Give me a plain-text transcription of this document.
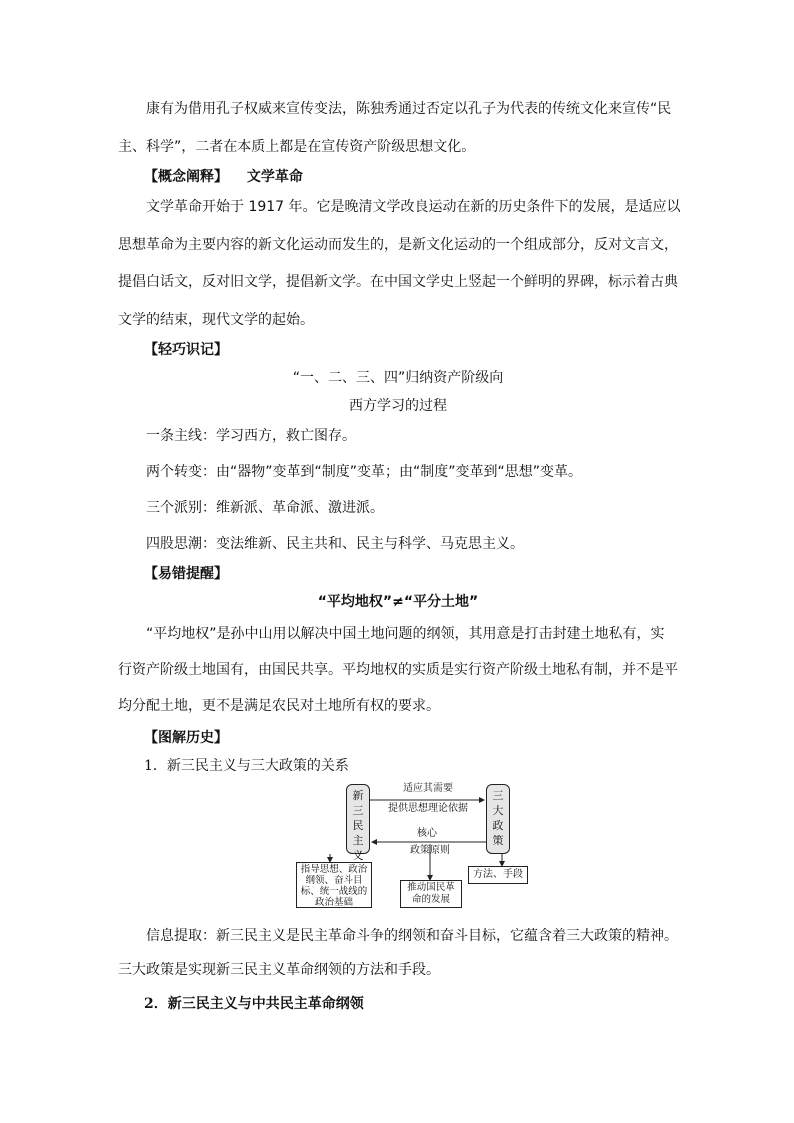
康有为借用孔子权威来宣传变法，陈独秀通过否定以孔子为代表的传统文化来宣传“民
主、科学”，二者在本质上都是在宣传资产阶级思想文化。
【概念阐释】 文学革命
文学革命开始于 1917 年。它是晚清文学改良运动在新的历史条件下的发展，是适应以
思想革命为主要内容的新文化运动而发生的，是新文化运动的一个组成部分，反对文言文，
提倡白话文，反对旧文学，提倡新文学。在中国文学史上竖起一个鲜明的界碑，标示着古典
文学的结束，现代文学的起始。
【轻巧识记】
“一、二、三、四”归纳资产阶级向
西方学习的过程
一条主线：学习西方，救亡图存。
两个转变：由“器物”变革到“制度”变革；由“制度”变革到“思想”变革。
三个派别：维新派、革命派、激进派。
四股思潮：变法维新、民主共和、民主与科学、马克思主义。
【易错提醒】
“平均地权”≠“平分土地”
“平均地权”是孙中山用以解决中国土地问题的纲领，其用意是打击封建土地私有，实
行资产阶级土地国有，由国民共享。平均地权的实质是实行资产阶级土地私有制，并不是平
均分配土地，更不是满足农民对土地所有权的要求。
【图解历史】
1．新三民主义与三大政策的关系
新三民主义
三大政策
适应其需要
提供思想理论依据
核心
政策原则
指导思想、政治纲领、奋斗目标、统一战线的政治基础
推动国民革命的发展
方法、手段
信息提取：新三民主义是民主革命斗争的纲领和奋斗目标，它蕴含着三大政策的精神。
三大政策是实现新三民主义革命纲领的方法和手段。
2．新三民主义与中共民主革命纲领
